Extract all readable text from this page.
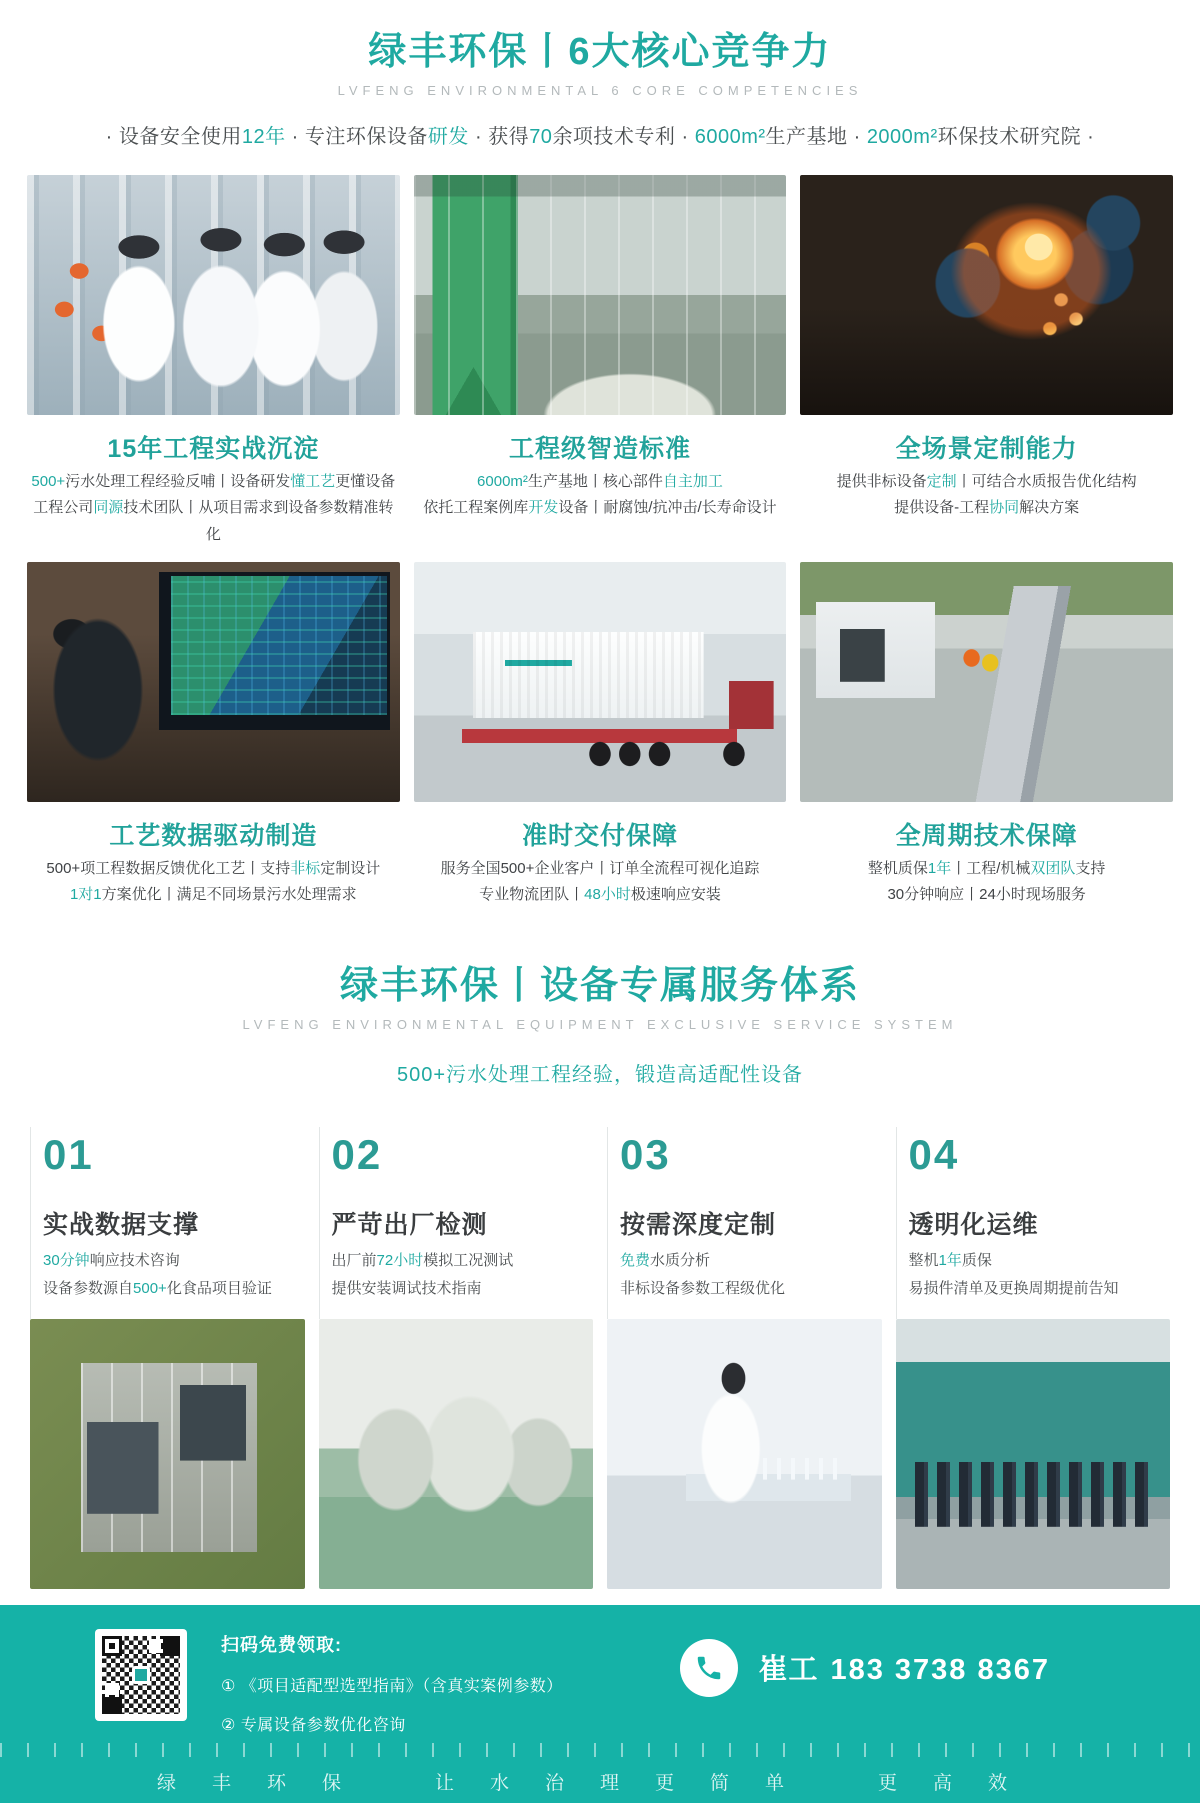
绿丰环保丨6大核心竞争力
LVFENG ENVIRONMENTAL 6 CORE COMPETENCIES

· 设备安全使用12年 · 专注环保设备研发 · 获得70余项技术专利 · 6000m²生产基地 · 2000m²环保技术研究院 ·

15年工程实战沉淀

500+污水处理工程经验反哺丨设备研发懂工艺更懂设备

工程公司同源技术团队丨从项目需求到设备参数精准转化

工程级智造标准

6000m²生产基地丨核心部件自主加工

依托工程案例库开发设备丨耐腐蚀/抗冲击/长寿命设计

全场景定制能力

提供非标设备定制丨可结合水质报告优化结构

提供设备-工程协同解决方案

工艺数据驱动制造

500+项工程数据反馈优化工艺丨支持非标定制设计

1对1方案优化丨满足不同场景污水处理需求

准时交付保障

服务全国500+企业客户丨订单全流程可视化追踪

专业物流团队丨48小时极速响应安装

全周期技术保障

整机质保1年丨工程/机械双团队支持

30分钟响应丨24小时现场服务

绿丰环保丨设备专属服务体系
LVFENG ENVIRONMENTAL EQUIPMENT EXCLUSIVE SERVICE SYSTEM

500+污水处理工程经验，锻造高适配性设备

01
实战数据支撑

30分钟响应技术咨询

设备参数源自500+化食品项目验证

02
严苛出厂检测

出厂前72小时模拟工况测试

提供安装调试技术指南

03
按需深度定制

免费水质分析

非标设备参数工程级优化

04
透明化运维

整机1年质保

易损件清单及更换周期提前告知

扫码免费领取:
① 《项目适配型选型指南》（含真实案例参数）
② 专属设备参数优化咨询
崔工 183 3738 8367
绿丰环保	让水治理更简单	更高效
